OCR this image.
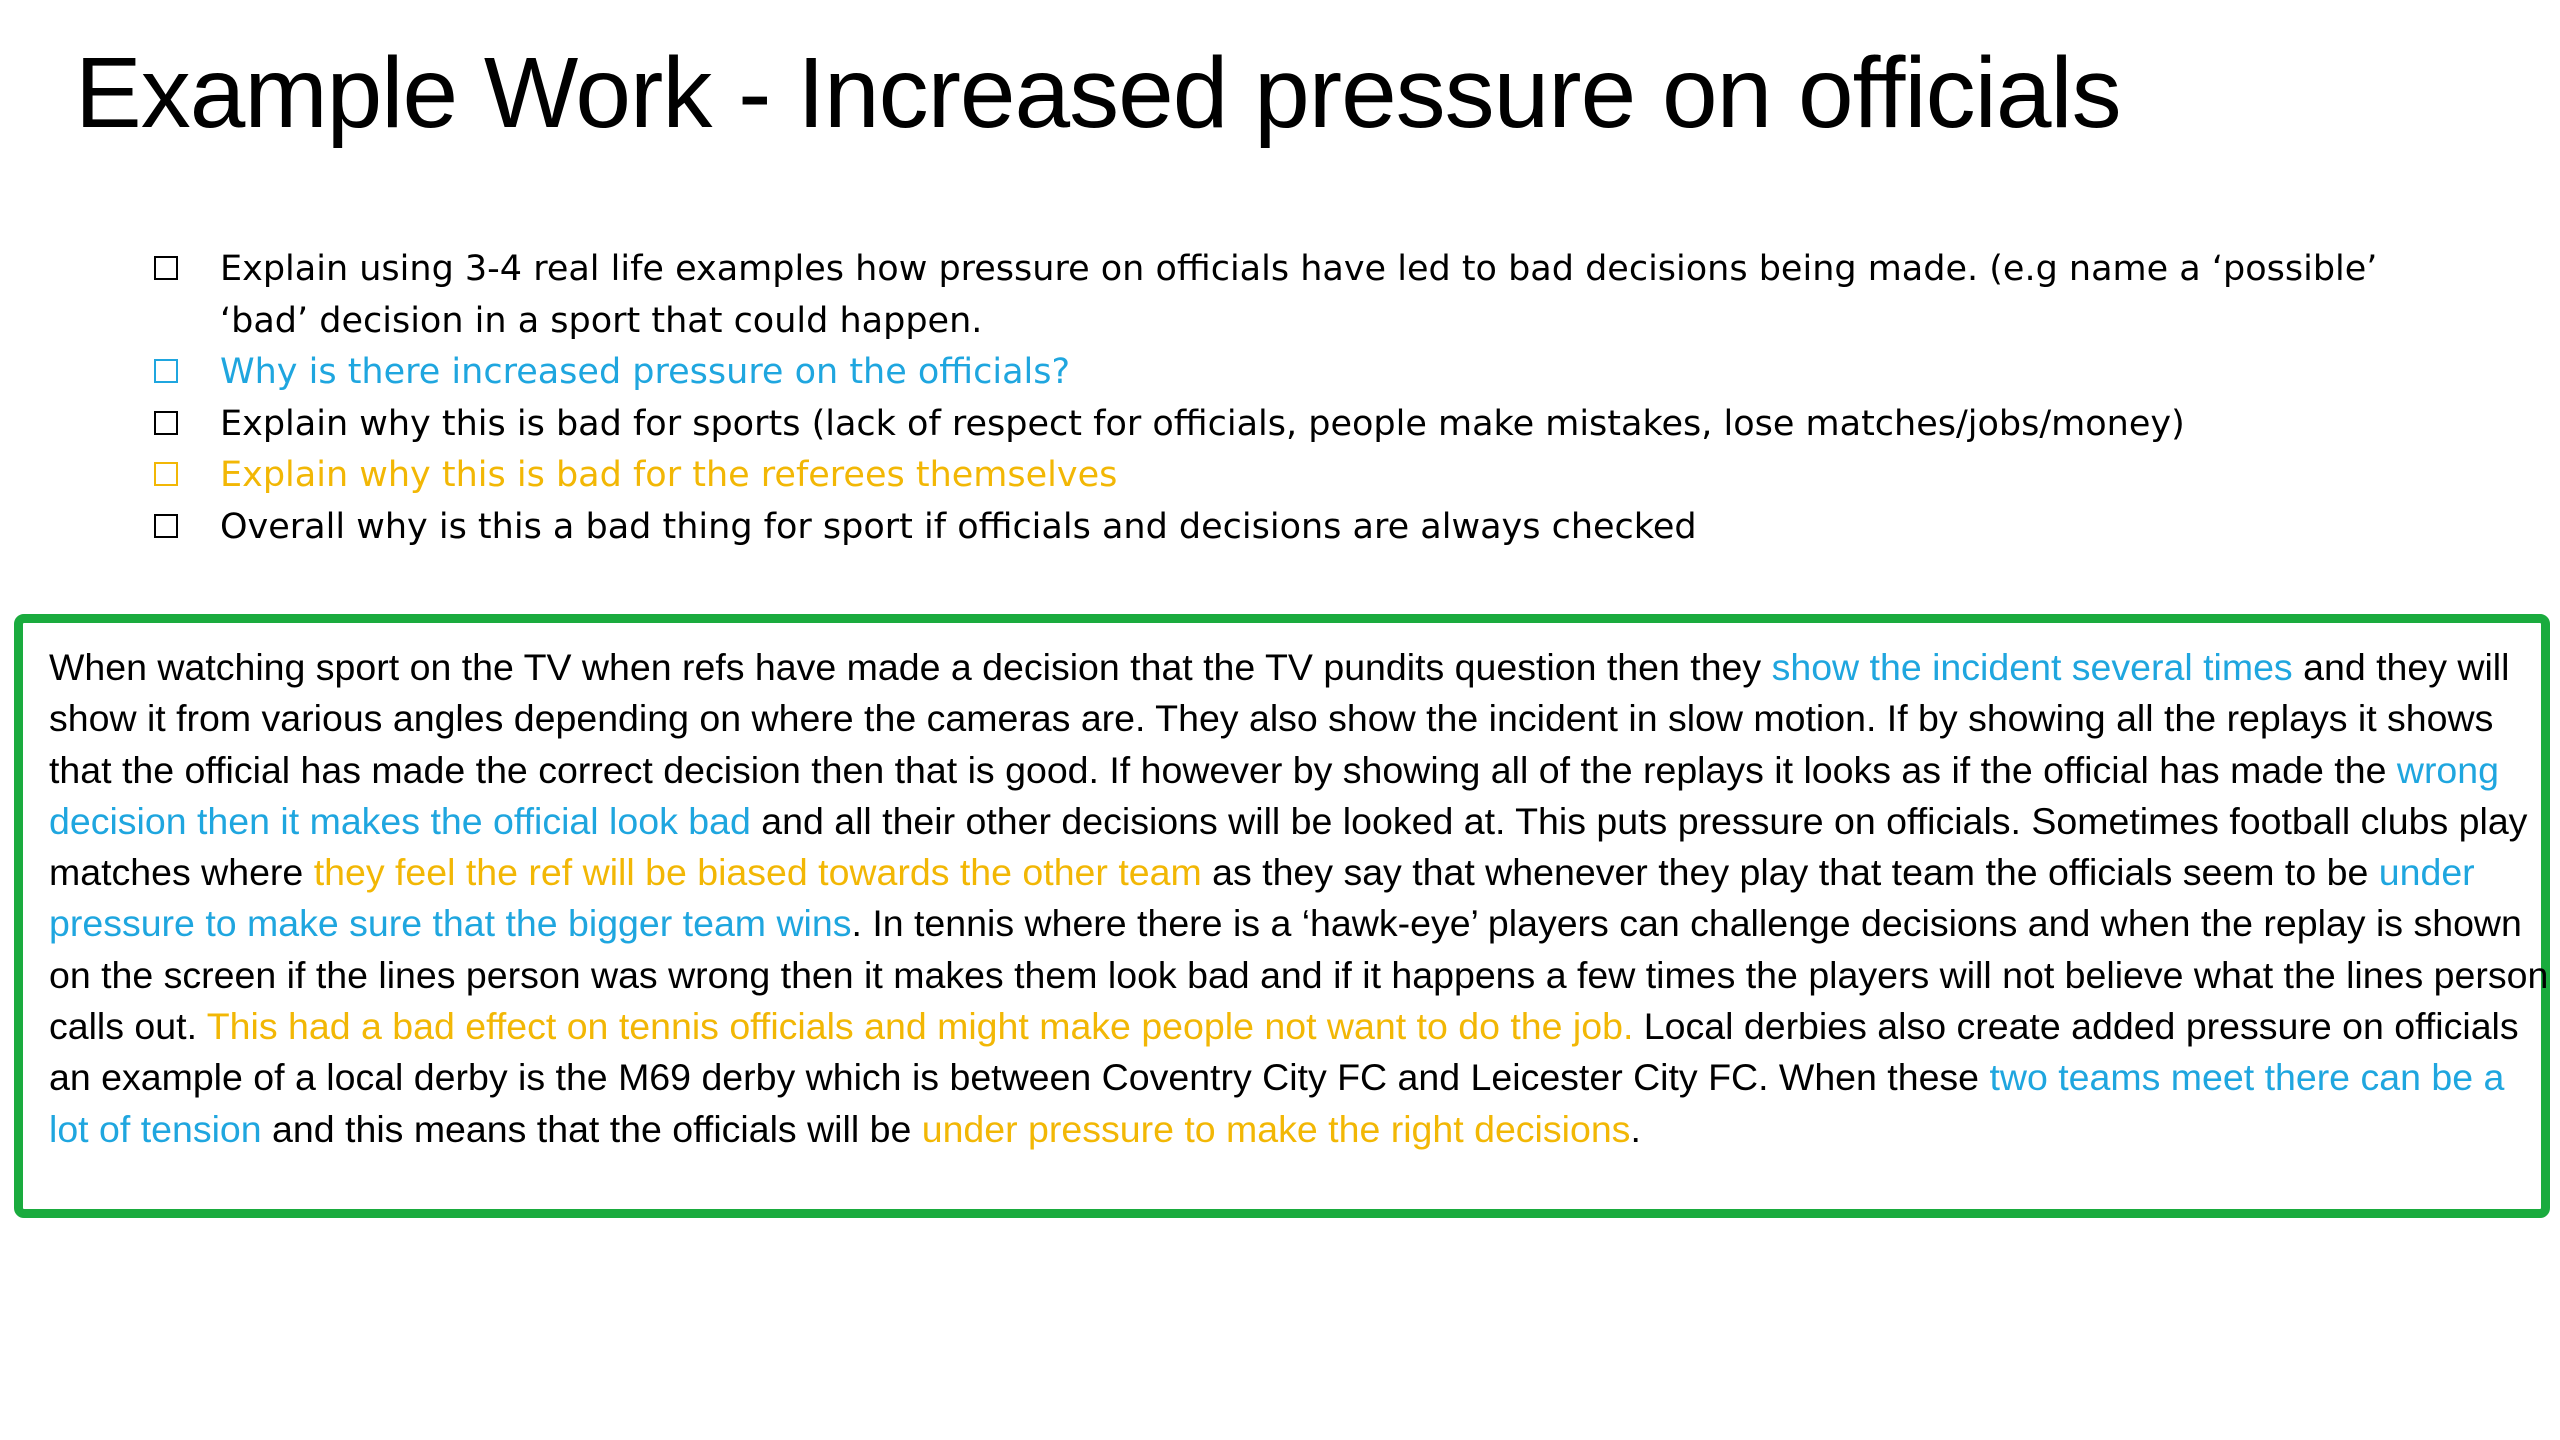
Example Work - Increased pressure on officials
Explain using 3-4 real life examples how pressure on officials have led to bad decisions being made. (e.g name a ‘possible’ ‘bad’ decision in a sport that could happen.
Why is there increased pressure on the officials?
Explain why this is bad for sports (lack of respect for officials, people make mistakes, lose matches/jobs/money)
Explain why this is bad for the referees themselves
Overall why is this a bad thing for sport if officials and decisions are always checked

When watching sport on the TV when refs have made a decision that the TV pundits question then they show the incident several times and they will show it from various angles depending on where the cameras are. They also show the incident in slow motion. If by showing all the replays it shows that the official has made the correct decision then that is good. If however by showing all of the replays it looks as if the official has made the wrong decision then it makes the official look bad and all their other decisions will be looked at. This puts pressure on officials. Sometimes football clubs play matches where they feel the ref will be biased towards the other team as they say that whenever they play that team the officials seem to be under pressure to make sure that the bigger team wins. In tennis where there is a ‘hawk-eye’ players can challenge decisions and when the replay is shown on the screen if the lines person was wrong then it makes them look bad and if it happens a few times the players will not believe what the lines person calls out. This had a bad effect on tennis officials and might make people not want to do the job. Local derbies also create added pressure on officials an example of a local derby is the M69 derby which is between Coventry City FC and Leicester City FC. When these two teams meet there can be a lot of tension and this means that the officials will be under pressure to make the right decisions.
